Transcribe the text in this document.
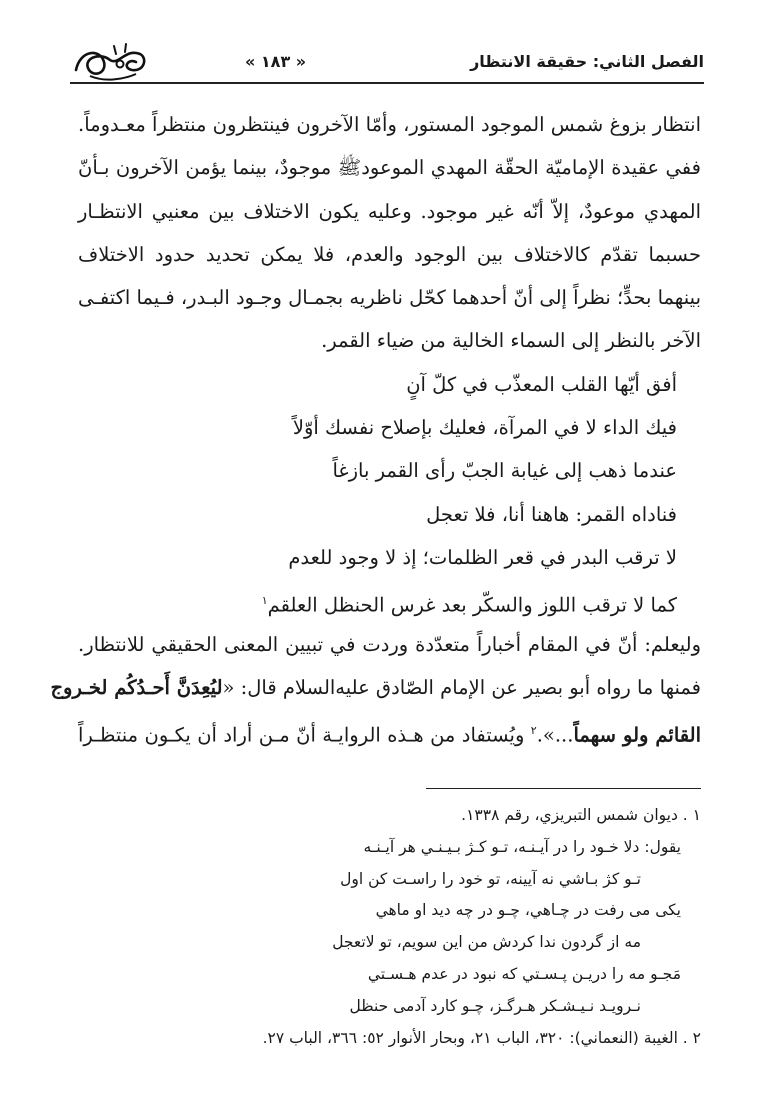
« ١٨٣ »	الفصل الثاني: حقيقة الانتظار
انتظار بزوغ شمس الموجود المستور، وأمّا الآخرون فينتظرون منتظراً معـدوماً.
ففي عقيدة الإماميّة الحقّة المهدي الموعودﷺ موجودٌ، بينما يؤمن الآخرون بـأنّ
المهدي موعودٌ، إلاّ أنّه غير موجود. وعليه يكون الاختلاف بين معنيي الانتظـار
حسبما تقدّم كالاختلاف بين الوجود والعدم، فلا يمكن تحديد حدود الاختلاف
بينهما بحدٍّ؛ نظراً إلى أنّ أحدهما كحّل ناظريه بجمـال وجـود البـدر، فـيما اكتفـى
الآخر بالنظر إلى السماء الخالية من ضياء القمر.
أفق أيّها القلب المعذّب في كلّ آنٍ
فيك الداء لا في المرآة، فعليك بإصلاح نفسك أوّلاً
عندما ذهب إلى غيابة الجبّ رأى القمر بازغاً
فناداه القمر: هاهنا أنا، فلا تعجل
لا ترقب البدر في قعر الظلمات؛ إذ لا وجود للعدم
كما لا ترقب اللوز والسكّر بعد غرس الحنظل العلقم$^١$
وليعلم: أنّ في المقام أخباراً متعدّدة وردت في تبيين المعنى الحقيقي للانتظار.
فمنها ما رواه أبو بصير عن الإمام الصّادق عليه‌السلام قال: «ليُعِدَنَّ أَحـدُكُم لخـروج
القائم ولو سهماً...».$^٢$ ويُستفاد من هـذه الروايـة أنّ مـن أراد أن يكـون منتظـراً
١ . ديوان شمس التبريزي، رقم ١٣٣٨.
يقول: دلا خـود را در آيـنـه، تـو كـژ بـيـنـي هر آيـنـه
تـو كژ بـاشي نه آيينه، تو خود را راسـت كن اول
يكى مى رفت در چـاهي، چـو در چه ديد او ماهي
مه از گردون ندا كردش من اين سويم، تو لاتعجل
مَجـو مه را دريـن پـسـتي كه نبود در عدم هـسـتي
نـرويـد نـيـشـكر هـرگـز، چـو كارد آدمى حنظل
٢ . الغيبة (النعماني): ٣٢٠، الباب ٢١، وبحار الأنوار ٥٢: ٣٦٦، الباب ٢٧.
